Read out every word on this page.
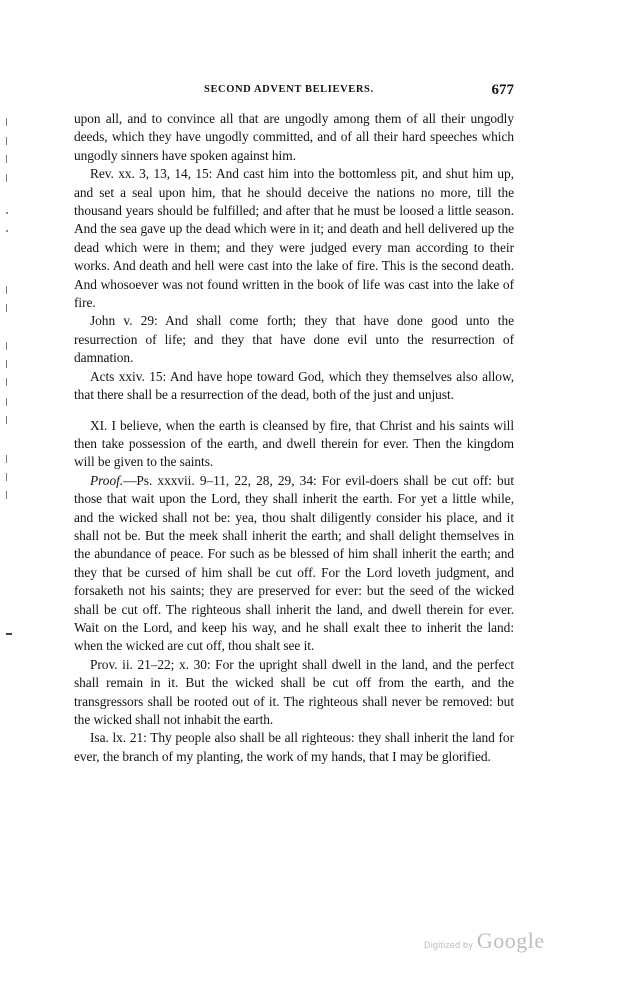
SECOND ADVENT BELIEVERS.	677

upon all, and to convince all that are ungodly among them of all their ungodly deeds, which they have ungodly committed, and of all their hard speeches which ungodly sinners have spoken against him.

Rev. xx. 3, 13, 14, 15: And cast him into the bottomless pit, and shut him up, and set a seal upon him, that he should deceive the nations no more, till the thousand years should be fulfilled; and after that he must be loosed a little season. And the sea gave up the dead which were in it; and death and hell delivered up the dead which were in them; and they were judged every man according to their works. And death and hell were cast into the lake of fire. This is the second death. And whosoever was not found written in the book of life was cast into the lake of fire.

John v. 29: And shall come forth; they that have done good unto the resurrection of life; and they that have done evil unto the resurrection of damnation.

Acts xxiv. 15: And have hope toward God, which they themselves also allow, that there shall be a resurrection of the dead, both of the just and unjust.

XI. I believe, when the earth is cleansed by fire, that Christ and his saints will then take possession of the earth, and dwell therein for ever. Then the kingdom will be given to the saints.

Proof.—Ps. xxxvii. 9–11, 22, 28, 29, 34: For evil-doers shall be cut off: but those that wait upon the Lord, they shall inherit the earth. For yet a little while, and the wicked shall not be: yea, thou shalt diligently consider his place, and it shall not be. But the meek shall inherit the earth; and shall delight themselves in the abundance of peace. For such as be blessed of him shall inherit the earth; and they that be cursed of him shall be cut off. For the Lord loveth judgment, and forsaketh not his saints; they are preserved for ever: but the seed of the wicked shall be cut off. The righteous shall inherit the land, and dwell therein for ever. Wait on the Lord, and keep his way, and he shall exalt thee to inherit the land: when the wicked are cut off, thou shalt see it.

Prov. ii. 21–22; x. 30: For the upright shall dwell in the land, and the perfect shall remain in it. But the wicked shall be cut off from the earth, and the transgressors shall be rooted out of it. The righteous shall never be removed: but the wicked shall not inhabit the earth.

Isa. lx. 21: Thy people also shall be all righteous: they shall inherit the land for ever, the branch of my planting, the work of my hands, that I may be glorified.

Digitized by Google
